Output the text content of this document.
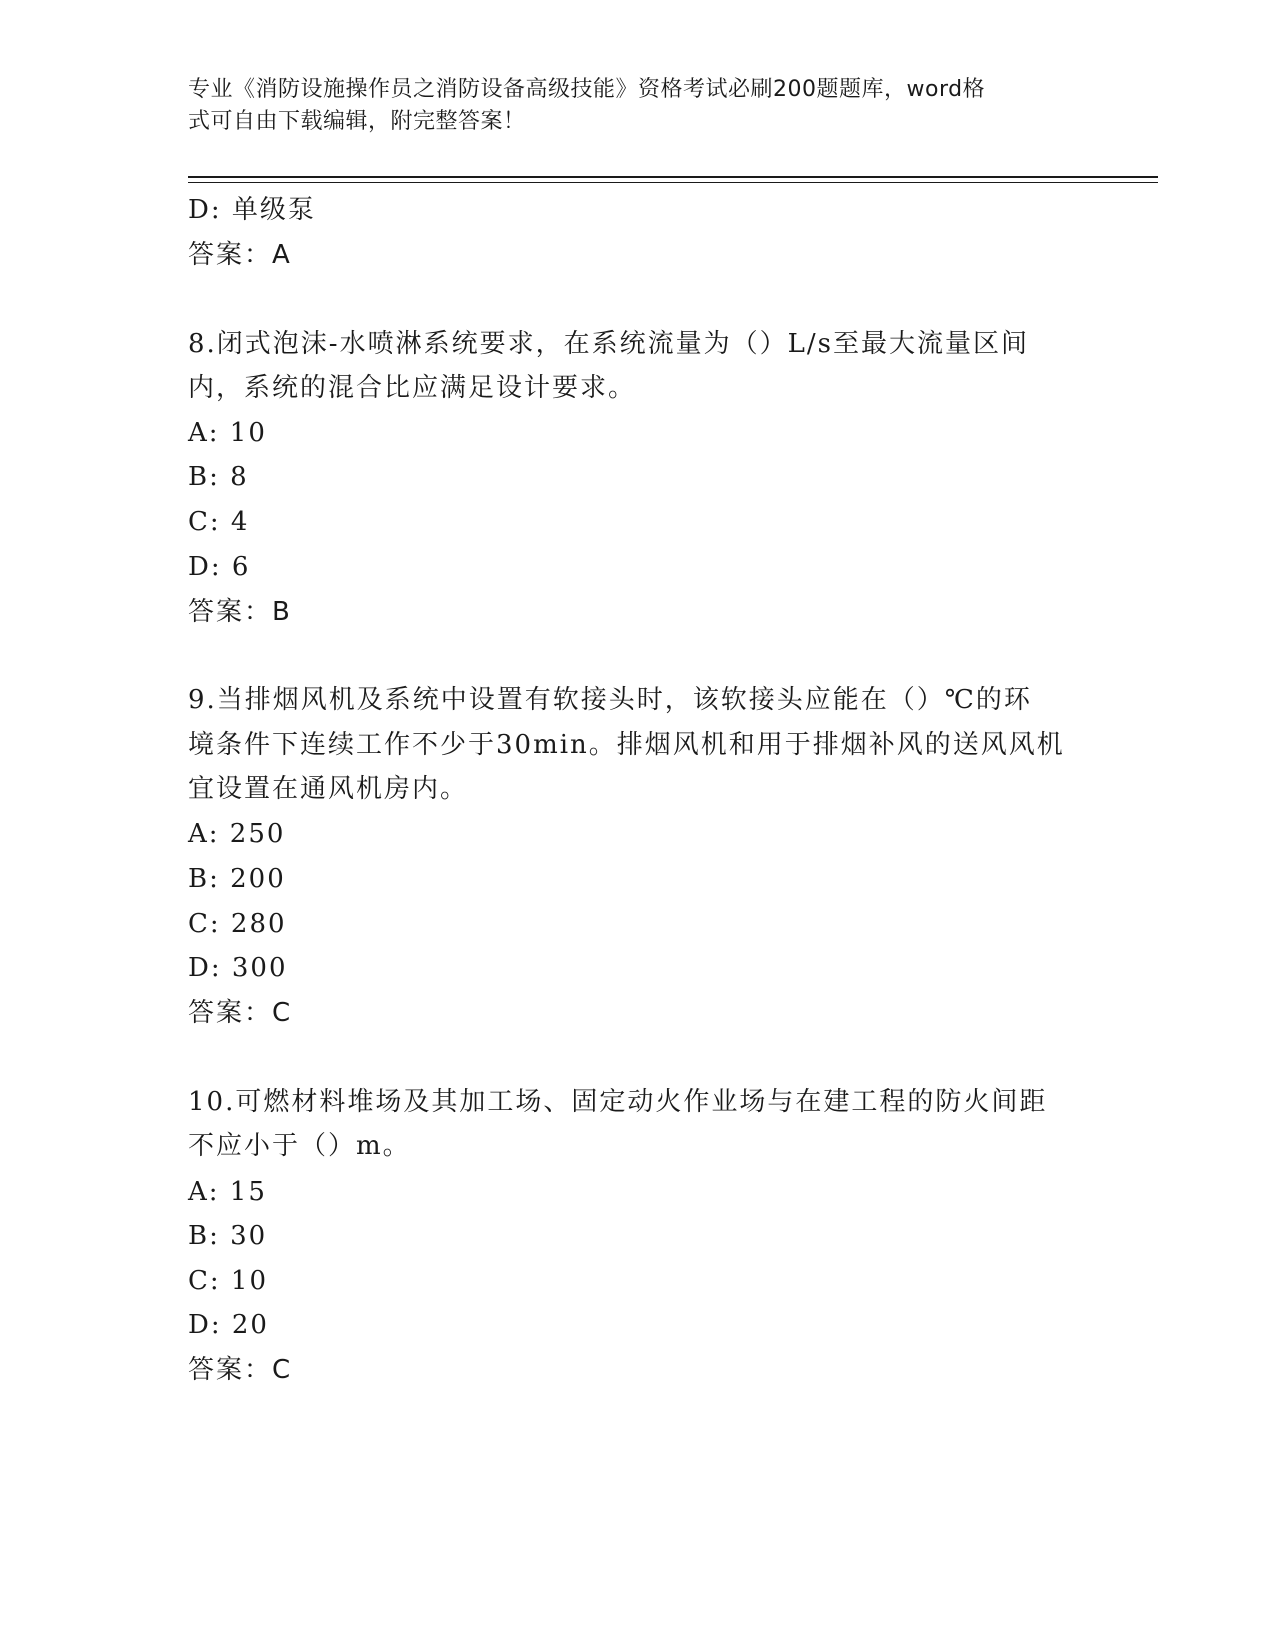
专业《消防设施操作员之消防设备高级技能》资格考试必刷200题题库，word格
式可自由下载编辑，附完整答案！
D: 单级泵
答案：A
8.闭式泡沫-水喷淋系统要求，在系统流量为（）L/s至最大流量区间
内，系统的混合比应满足设计要求。
A: 10
B: 8
C: 4
D: 6
答案：B
9.当排烟风机及系统中设置有软接头时，该软接头应能在（）℃的环
境条件下连续工作不少于30min。排烟风机和用于排烟补风的送风风机
宜设置在通风机房内。
A: 250
B: 200
C: 280
D: 300
答案：C
10.可燃材料堆场及其加工场、固定动火作业场与在建工程的防火间距
不应小于（）m。
A: 15
B: 30
C: 10
D: 20
答案：C
